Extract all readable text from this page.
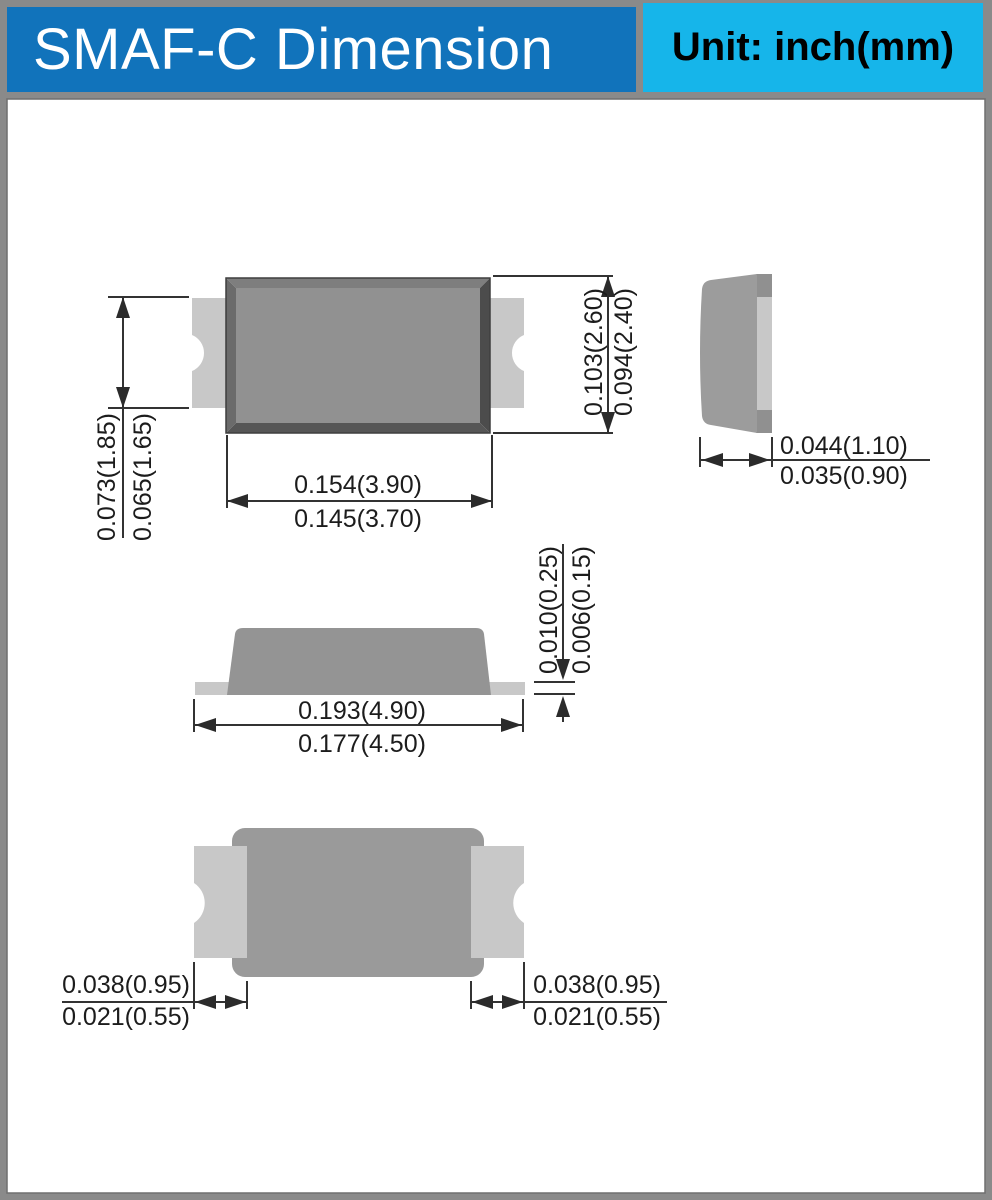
0.073(1.85) 0.065(1.65)
0.103(2.60) 0.094(2.40)
0.154(3.90)
0.145(3.70)
0.044(1.10)
0.035(0.90)
0.193(4.90)
0.177(4.50)
0.010(0.25) 0.006(0.15)
0.038(0.95)
0.021(0.55)
0.038(0.95)
0.021(0.55)
SMAF-C Dimension	Unit: inch(mm)
